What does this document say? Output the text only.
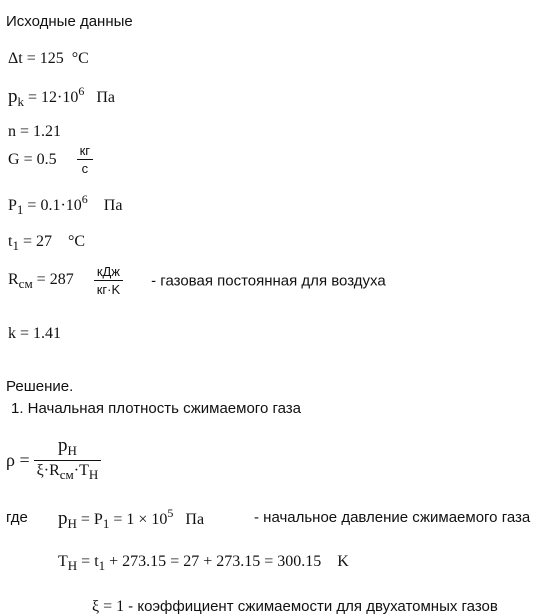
Исходные данные
Δt = 125 °C
$p_k = 12\cdot 10^6$ Па
n = 1.21
$G = 0.5 \frac{кг}{с}$
$P_1 = 0.1\cdot 10^6$ Па
$t_1 = 27$ °C
$R_{см} = 287 \frac{\text{кДж}}{кг\cdot K}$ - газовая постоянная для воздуха
k = 1.41
Решение.
1. Начальная плотность сжимаемого газа
$\rho = \frac{p_H}{\xi\cdot R_{см}\cdot T_H}$
где $p_H = P_1 = 1 \times 10^5$ Па	- начальное давление сжимаемого газа
$T_H = t_1 + 273.15 = 27 + 273.15 = 300.15$ K
ξ = 1 - коэффициент сжимаемости для двухатомных газов
